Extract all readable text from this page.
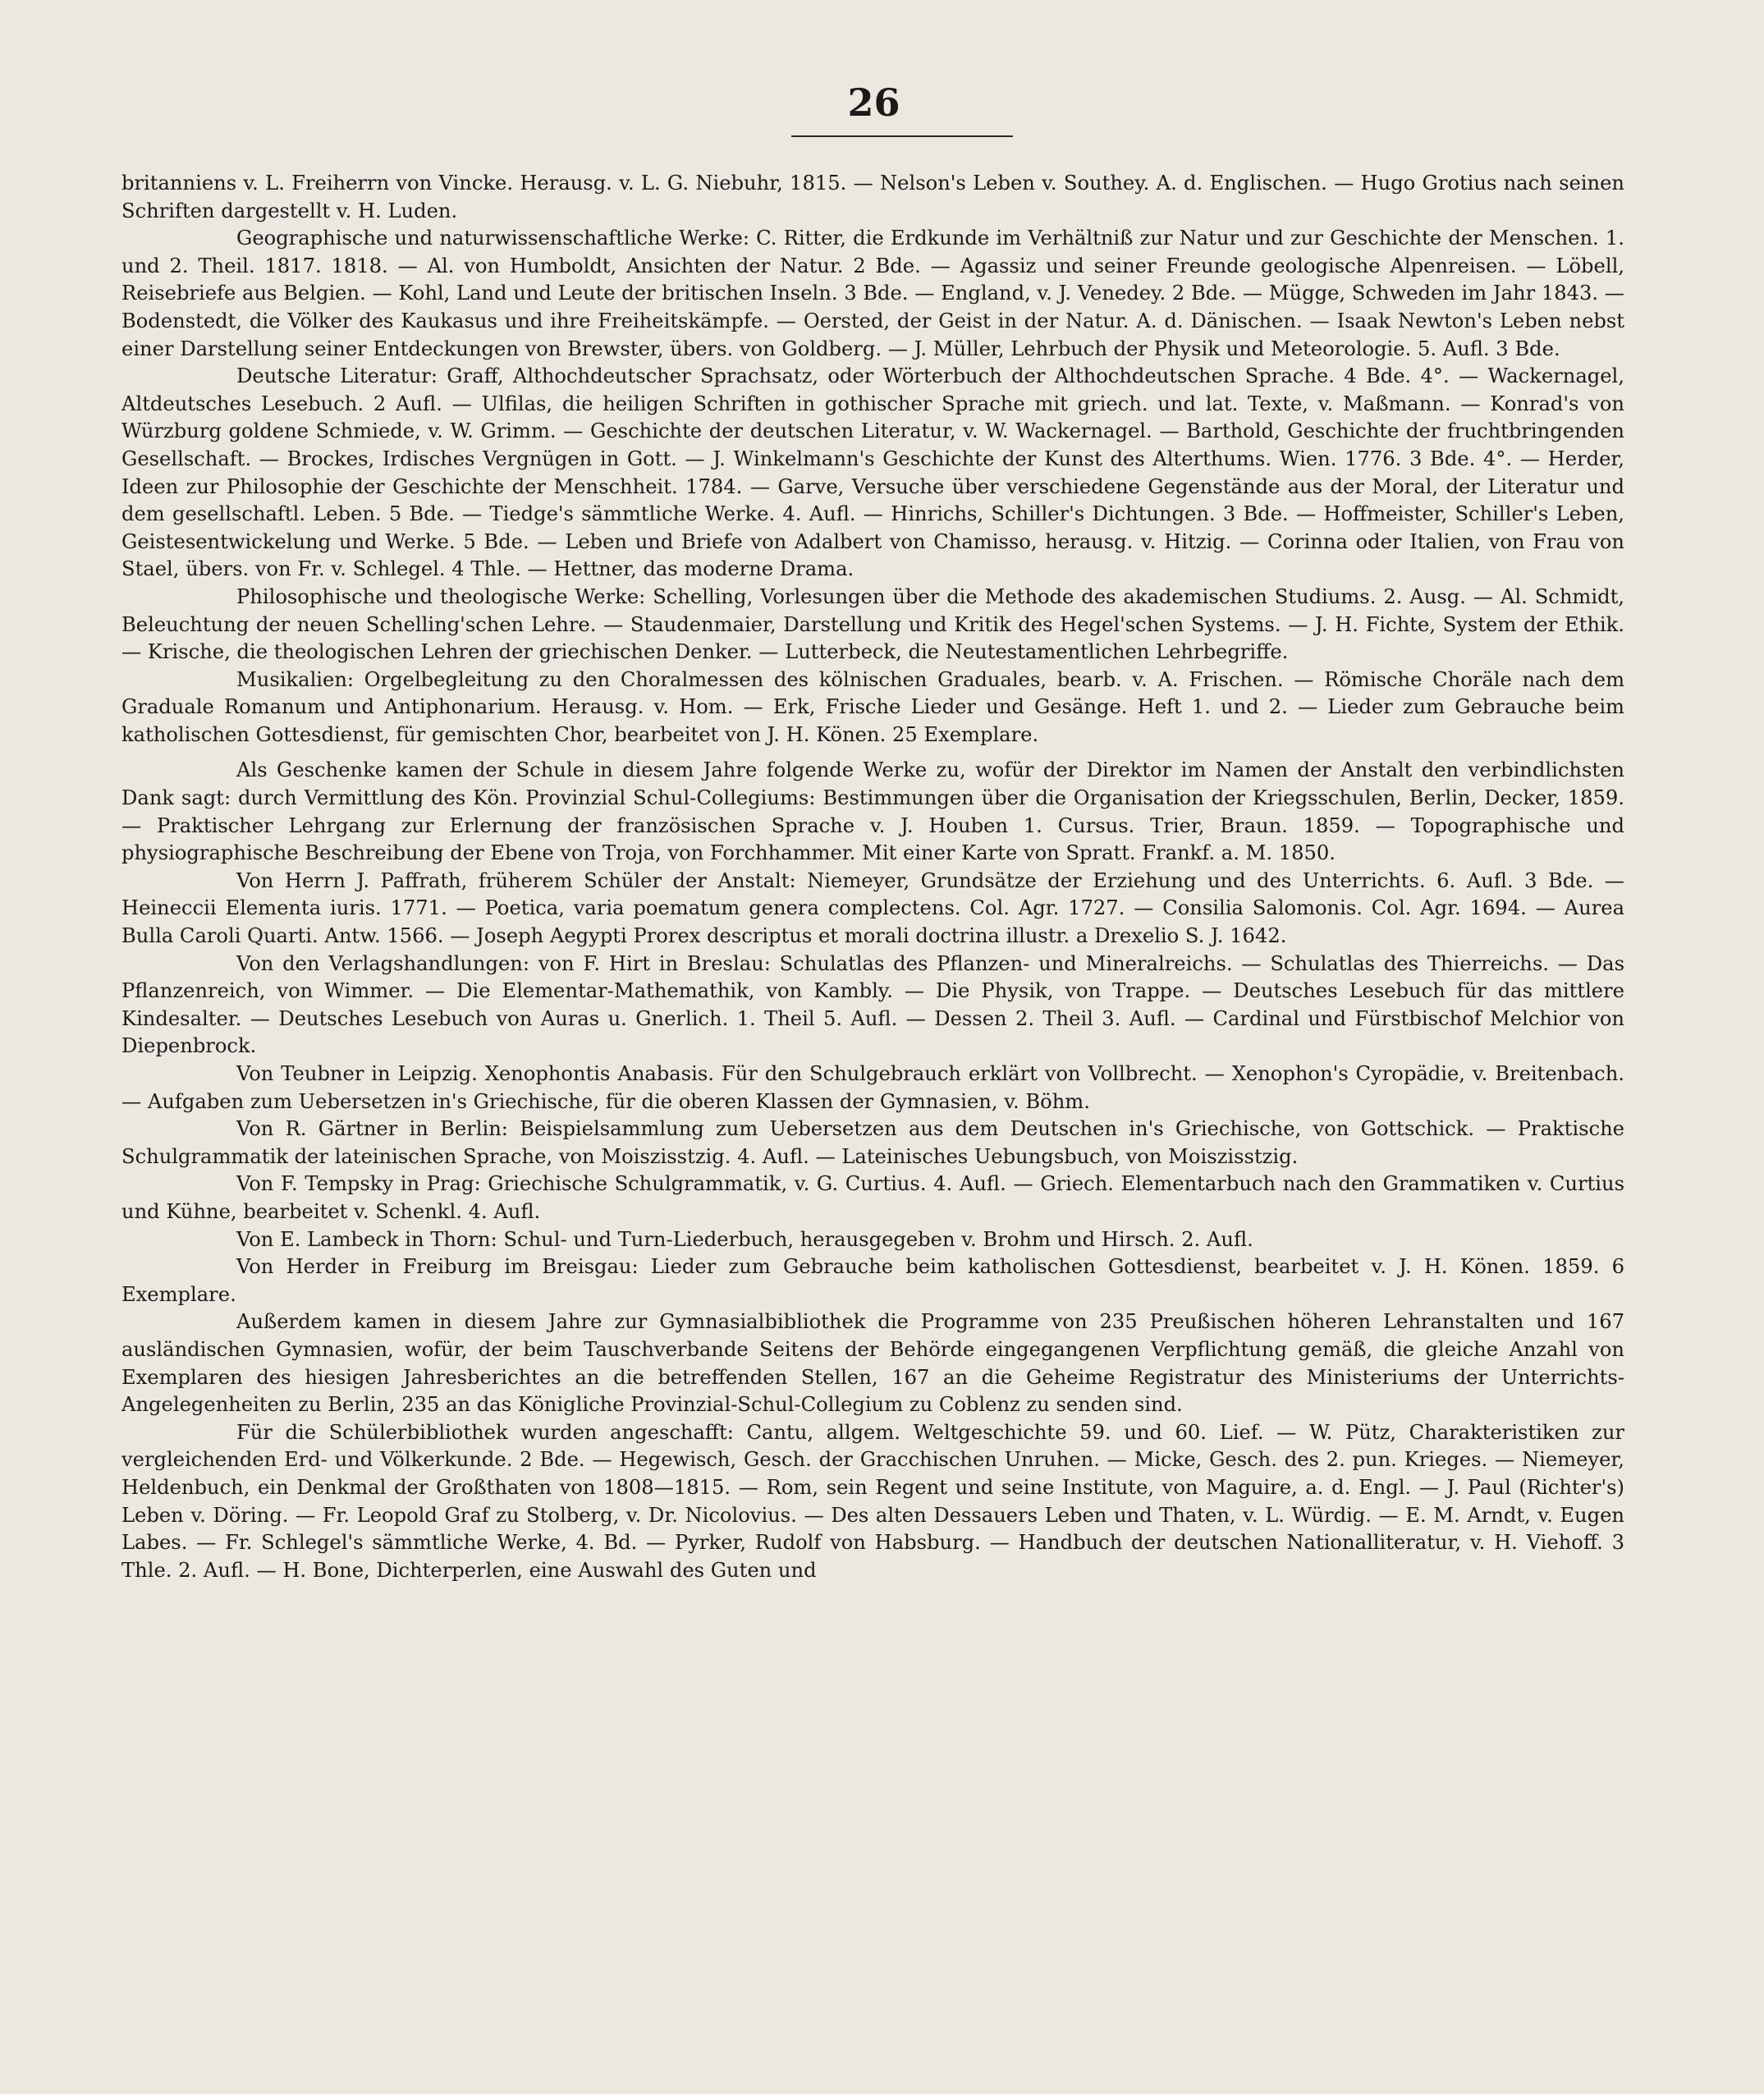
26

britanniens v. L. Freiherrn von Vincke. Herausg. v. L. G. Niebuhr, 1815. — Nelson's Leben v. Southey. A. d. Englischen. — Hugo Grotius nach seinen Schriften dargestellt v. H. Luden.

Geographische und naturwissenschaftliche Werke: C. Ritter, die Erdkunde im Verhältniß zur Natur und zur Geschichte der Menschen. 1. und 2. Theil. 1817. 1818. — Al. von Humboldt, Ansichten der Natur. 2 Bde. — Agassiz und seiner Freunde geologische Alpenreisen. — Löbell, Reisebriefe aus Belgien. — Kohl, Land und Leute der britischen Inseln. 3 Bde. — England, v. J. Venedey. 2 Bde. — Mügge, Schweden im Jahr 1843. — Bodenstedt, die Völker des Kaukasus und ihre Freiheitskämpfe. — Oersted, der Geist in der Natur. A. d. Dänischen. — Isaak Newton's Leben nebst einer Darstellung seiner Entdeckungen von Brewster, übers. von Goldberg. — J. Müller, Lehrbuch der Physik und Meteorologie. 5. Aufl. 3 Bde.

Deutsche Literatur: Graff, Althochdeutscher Sprachsatz, oder Wörterbuch der Althochdeutschen Sprache. 4 Bde. 4°. — Wackernagel, Altdeutsches Lesebuch. 2 Aufl. — Ulfilas, die heiligen Schriften in gothischer Sprache mit griech. und lat. Texte, v. Maßmann. — Konrad's von Würzburg goldene Schmiede, v. W. Grimm. — Geschichte der deutschen Literatur, v. W. Wackernagel. — Barthold, Geschichte der fruchtbringenden Gesellschaft. — Brockes, Irdisches Vergnügen in Gott. — J. Winkelmann's Geschichte der Kunst des Alterthums. Wien. 1776. 3 Bde. 4°. — Herder, Ideen zur Philosophie der Geschichte der Menschheit. 1784. — Garve, Versuche über verschiedene Gegenstände aus der Moral, der Literatur und dem gesellschaftl. Leben. 5 Bde. — Tiedge's sämmtliche Werke. 4. Aufl. — Hinrichs, Schiller's Dichtungen. 3 Bde. — Hoffmeister, Schiller's Leben, Geistesentwickelung und Werke. 5 Bde. — Leben und Briefe von Adalbert von Chamisso, herausg. v. Hitzig. — Corinna oder Italien, von Frau von Stael, übers. von Fr. v. Schlegel. 4 Thle. — Hettner, das moderne Drama.

Philosophische und theologische Werke: Schelling, Vorlesungen über die Methode des akademischen Studiums. 2. Ausg. — Al. Schmidt, Beleuchtung der neuen Schelling'schen Lehre. — Staudenmaier, Darstellung und Kritik des Hegel'schen Systems. — J. H. Fichte, System der Ethik. — Krische, die theologischen Lehren der griechischen Denker. — Lutterbeck, die Neutestamentlichen Lehrbegriffe.

Musikalien: Orgelbegleitung zu den Choralmessen des kölnischen Graduales, bearb. v. A. Frischen. — Römische Choräle nach dem Graduale Romanum und Antiphonarium. Herausg. v. Hom. — Erk, Frische Lieder und Gesänge. Heft 1. und 2. — Lieder zum Gebrauche beim katholischen Gottesdienst, für gemischten Chor, bearbeitet von J. H. Könen. 25 Exemplare.

Als Geschenke kamen der Schule in diesem Jahre folgende Werke zu, wofür der Direktor im Namen der Anstalt den verbindlichsten Dank sagt: durch Vermittlung des Kön. Provinzial Schul-Collegiums: Bestimmungen über die Organisation der Kriegsschulen, Berlin, Decker, 1859. — Praktischer Lehrgang zur Erlernung der französischen Sprache v. J. Houben 1. Cursus. Trier, Braun. 1859. — Topographische und physiographische Beschreibung der Ebene von Troja, von Forchhammer. Mit einer Karte von Spratt. Frankf. a. M. 1850.

Von Herrn J. Paffrath, früherem Schüler der Anstalt: Niemeyer, Grundsätze der Erziehung und des Unterrichts. 6. Aufl. 3 Bde. — Heineccii Elementa iuris. 1771. — Poetica, varia poematum genera complectens. Col. Agr. 1727. — Consilia Salomonis. Col. Agr. 1694. — Aurea Bulla Caroli Quarti. Antw. 1566. — Joseph Aegypti Prorex descriptus et morali doctrina illustr. a Drexelio S. J. 1642.

Von den Verlagshandlungen: von F. Hirt in Breslau: Schulatlas des Pflanzen- und Mineralreichs. — Schulatlas des Thierreichs. — Das Pflanzenreich, von Wimmer. — Die Elementar-Mathemathik, von Kambly. — Die Physik, von Trappe. — Deutsches Lesebuch für das mittlere Kindesalter. — Deutsches Lesebuch von Auras u. Gnerlich. 1. Theil 5. Aufl. — Dessen 2. Theil 3. Aufl. — Cardinal und Fürstbischof Melchior von Diepenbrock.

Von Teubner in Leipzig. Xenophontis Anabasis. Für den Schulgebrauch erklärt von Vollbrecht. — Xenophon's Cyropädie, v. Breitenbach. — Aufgaben zum Uebersetzen in's Griechische, für die oberen Klassen der Gymnasien, v. Böhm.

Von R. Gärtner in Berlin: Beispielsammlung zum Uebersetzen aus dem Deutschen in's Griechische, von Gottschick. — Praktische Schulgrammatik der lateinischen Sprache, von Moiszisstzig. 4. Aufl. — Lateinisches Uebungsbuch, von Moiszisstzig.

Von F. Tempsky in Prag: Griechische Schulgrammatik, v. G. Curtius. 4. Aufl. — Griech. Elementarbuch nach den Grammatiken v. Curtius und Kühne, bearbeitet v. Schenkl. 4. Aufl.

Von E. Lambeck in Thorn: Schul- und Turn-Liederbuch, herausgegeben v. Brohm und Hirsch. 2. Aufl.

Von Herder in Freiburg im Breisgau: Lieder zum Gebrauche beim katholischen Gottesdienst, bearbeitet v. J. H. Könen. 1859. 6 Exemplare.

Außerdem kamen in diesem Jahre zur Gymnasialbibliothek die Programme von 235 Preußischen höheren Lehranstalten und 167 ausländischen Gymnasien, wofür, der beim Tauschverbande Seitens der Behörde eingegangenen Verpflichtung gemäß, die gleiche Anzahl von Exemplaren des hiesigen Jahresberichtes an die betreffenden Stellen, 167 an die Geheime Registratur des Ministeriums der Unterrichts-Angelegenheiten zu Berlin, 235 an das Königliche Provinzial-Schul-Collegium zu Coblenz zu senden sind.

Für die Schülerbibliothek wurden angeschafft: Cantu, allgem. Weltgeschichte 59. und 60. Lief. — W. Pütz, Charakteristiken zur vergleichenden Erd- und Völkerkunde. 2 Bde. — Hegewisch, Gesch. der Gracchischen Unruhen. — Micke, Gesch. des 2. pun. Krieges. — Niemeyer, Heldenbuch, ein Denkmal der Großthaten von 1808—1815. — Rom, sein Regent und seine Institute, von Maguire, a. d. Engl. — J. Paul (Richter's) Leben v. Döring. — Fr. Leopold Graf zu Stolberg, v. Dr. Nicolovius. — Des alten Dessauers Leben und Thaten, v. L. Würdig. — E. M. Arndt, v. Eugen Labes. — Fr. Schlegel's sämmtliche Werke, 4. Bd. — Pyrker, Rudolf von Habsburg. — Handbuch der deutschen Nationalliteratur, v. H. Viehoff. 3 Thle. 2. Aufl. — H. Bone, Dichterperlen, eine Auswahl des Guten und
